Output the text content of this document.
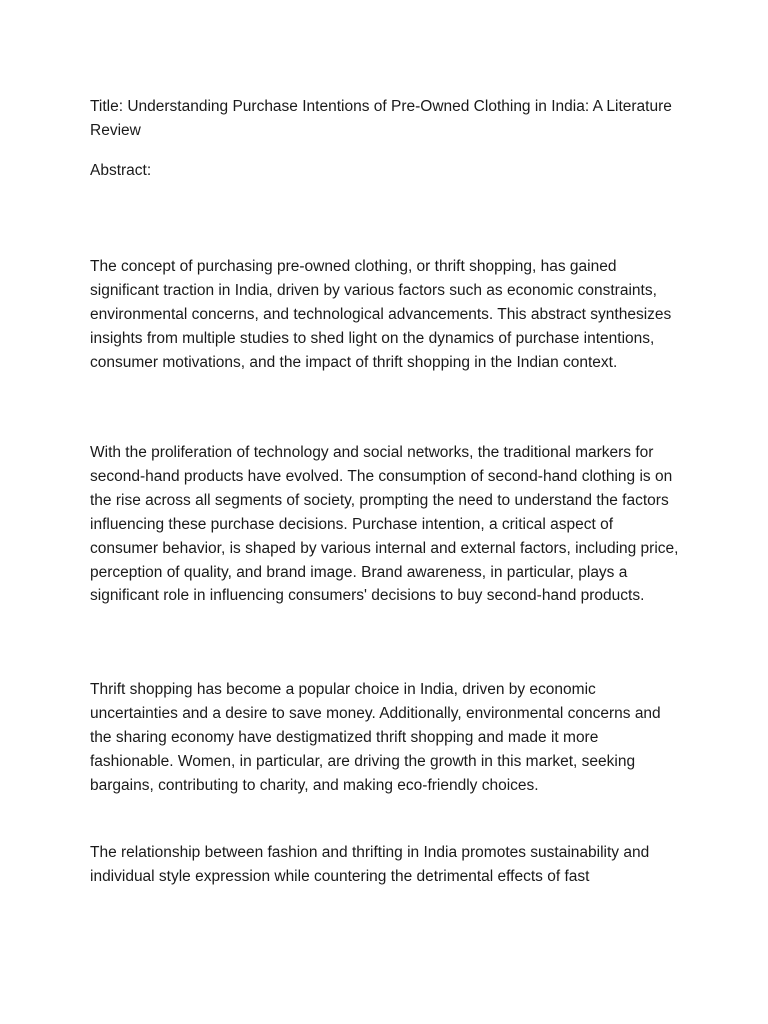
Title: Understanding Purchase Intentions of Pre-Owned Clothing in India: A Literature Review

Abstract:

The concept of purchasing pre-owned clothing, or thrift shopping, has gained significant traction in India, driven by various factors such as economic constraints, environmental concerns, and technological advancements. This abstract synthesizes insights from multiple studies to shed light on the dynamics of purchase intentions, consumer motivations, and the impact of thrift shopping in the Indian context.

With the proliferation of technology and social networks, the traditional markers for second-hand products have evolved. The consumption of second-hand clothing is on the rise across all segments of society, prompting the need to understand the factors influencing these purchase decisions. Purchase intention, a critical aspect of consumer behavior, is shaped by various internal and external factors, including price, perception of quality, and brand image. Brand awareness, in particular, plays a significant role in influencing consumers' decisions to buy second-hand products.

Thrift shopping has become a popular choice in India, driven by economic uncertainties and a desire to save money. Additionally, environmental concerns and the sharing economy have destigmatized thrift shopping and made it more fashionable. Women, in particular, are driving the growth in this market, seeking bargains, contributing to charity, and making eco-friendly choices.

The relationship between fashion and thrifting in India promotes sustainability and individual style expression while countering the detrimental effects of fast
